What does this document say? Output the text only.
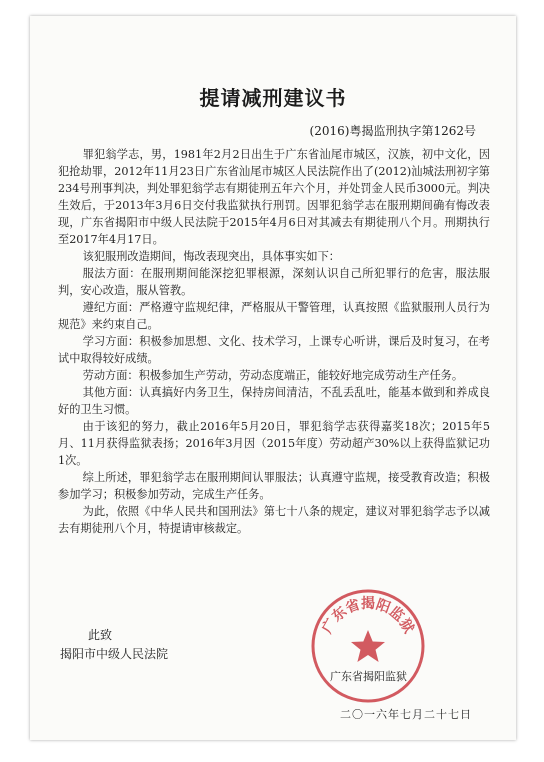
提请减刑建议书
(2016)粤揭监刑执字第1262号

罪犯翁学志，男，1981年2月2日出生于广东省汕尾市城区，汉族，初中文化，因犯抢劫罪，2012年11月23日广东省汕尾市城区人民法院作出了(2012)汕城法刑初字第234号刑事判决，判处罪犯翁学志有期徒刑五年六个月，并处罚金人民币3000元。判决生效后，于2013年3月6日交付我监狱执行刑罚。因罪犯翁学志在服刑期间确有悔改表现，广东省揭阳市中级人民法院于2015年4月6日对其减去有期徒刑八个月。刑期执行至2017年4月17日。

该犯服刑改造期间，悔改表现突出，具体事实如下：

服法方面：在服刑期间能深挖犯罪根源，深刻认识自己所犯罪行的危害，服法服判，安心改造，服从管教。

遵纪方面：严格遵守监规纪律，严格服从干警管理，认真按照《监狱服刑人员行为规范》来约束自己。

学习方面：积极参加思想、文化、技术学习，上课专心听讲，课后及时复习，在考试中取得较好成绩。

劳动方面：积极参加生产劳动，劳动态度端正，能较好地完成劳动生产任务。

其他方面：认真搞好内务卫生，保持房间清洁，不乱丢乱吐，能基本做到和养成良好的卫生习惯。

由于该犯的努力，截止2016年5月20日，罪犯翁学志获得嘉奖18次；2015年5月、11月获得监狱表扬；2016年3月因（2015年度）劳动超产30%以上获得监狱记功1次。

综上所述，罪犯翁学志在服刑期间认罪服法；认真遵守监规，接受教育改造；积极参加学习；积极参加劳动，完成生产任务。

为此，依照《中华人民共和国刑法》第七十八条的规定，建议对罪犯翁学志予以减去有期徒刑八个月，特提请审核裁定。

此致
揭阳市中级人民法院
广东省揭阳监狱
广东省揭阳监狱
二〇一六年七月二十七日
